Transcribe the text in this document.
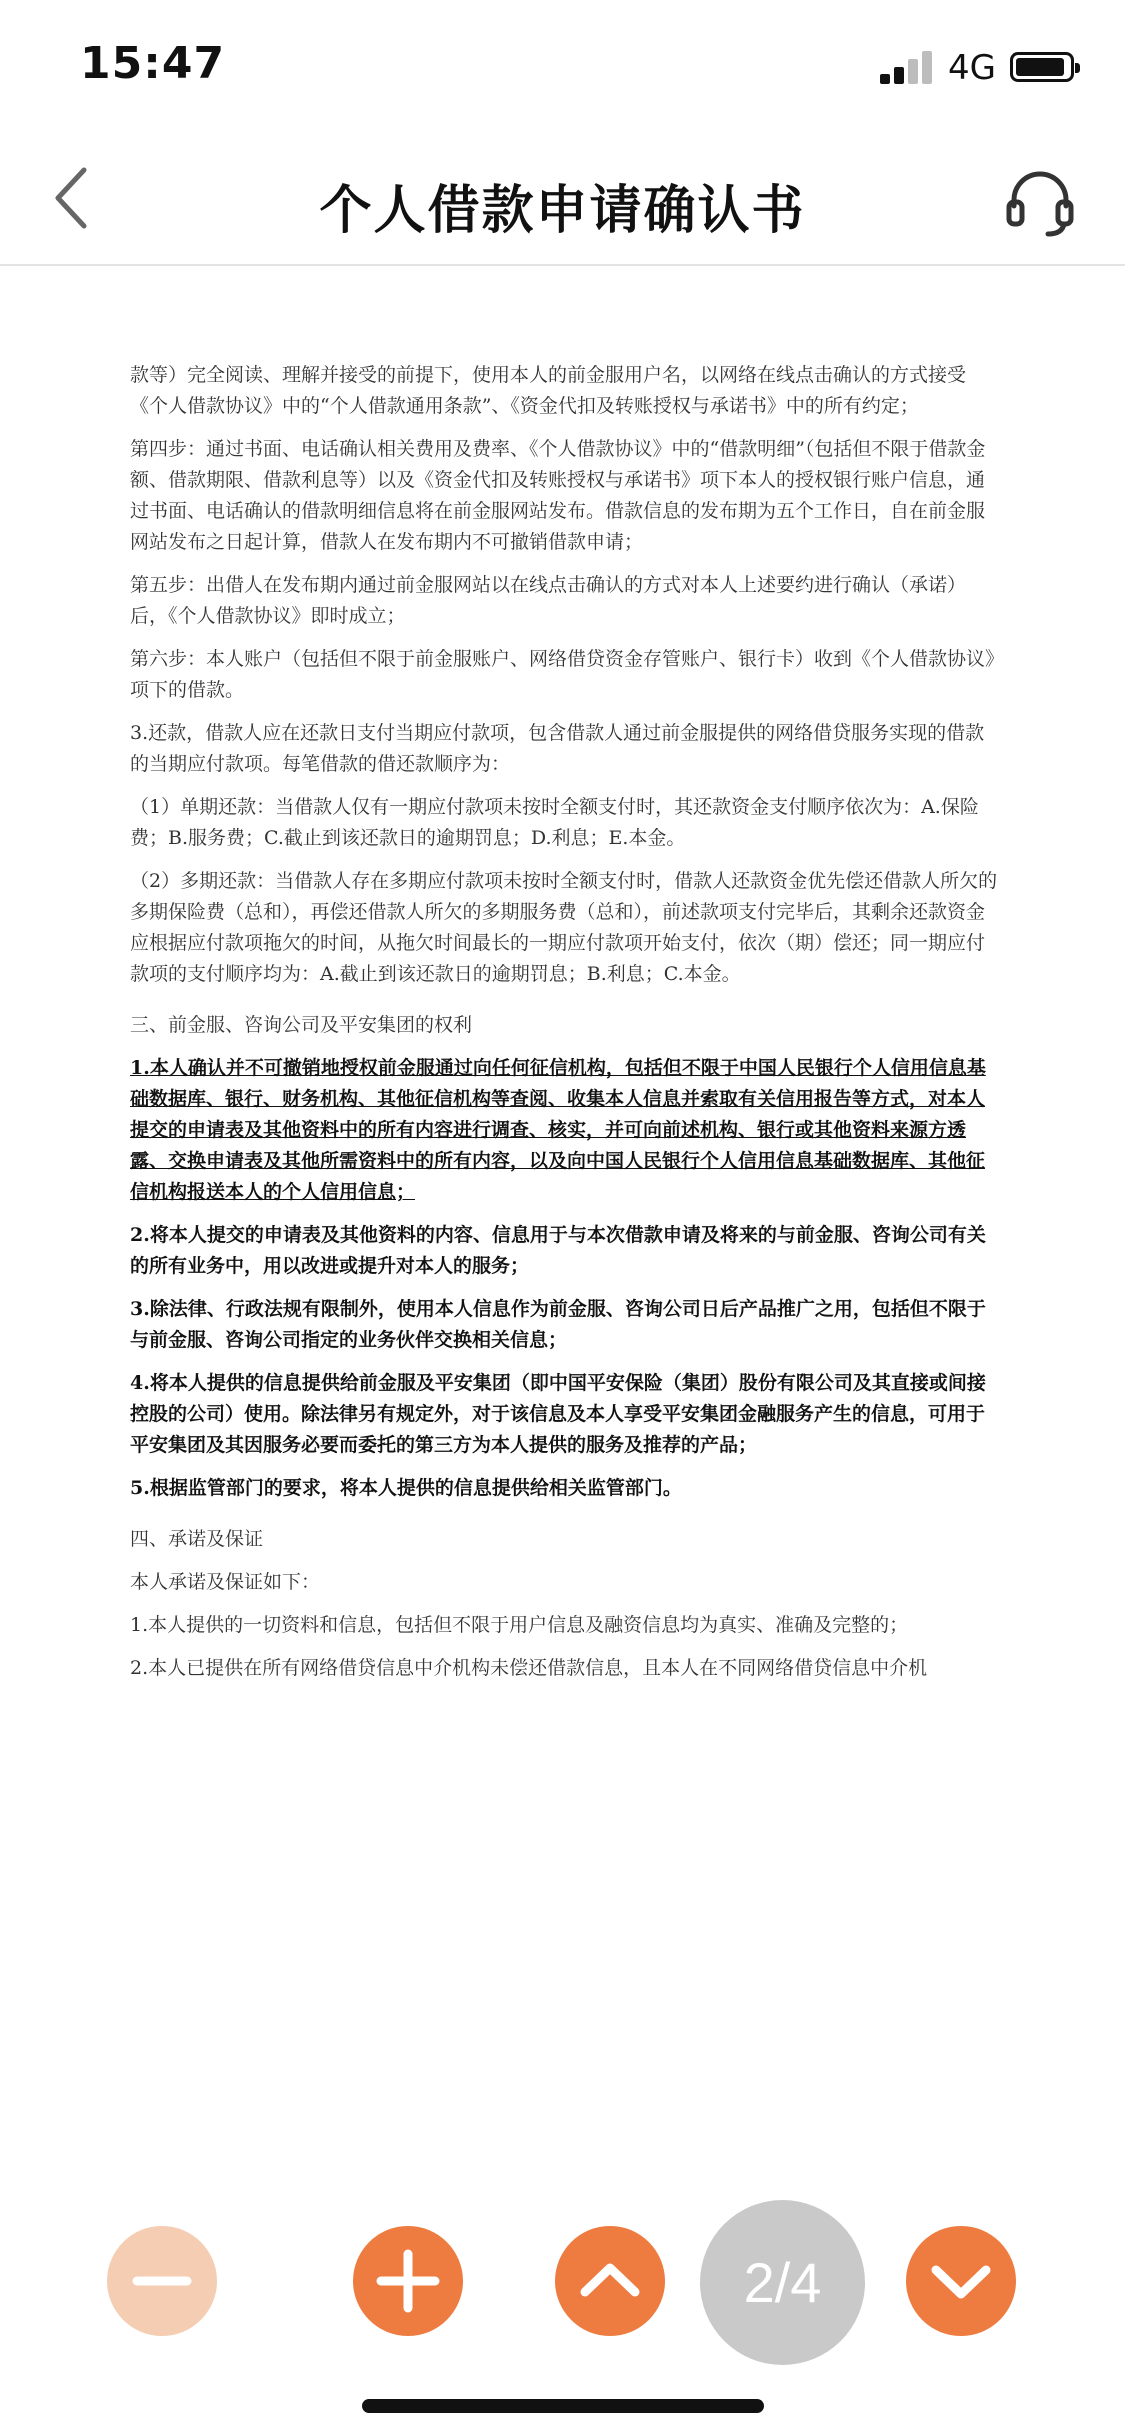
15:47	4G
个人借款申请确认书

款等）完全阅读、理解并接受的前提下，使用本人的前金服用户名，以网络在线点击确认的方式接受《个人借款协议》中的“个人借款通用条款”、《资金代扣及转账授权与承诺书》中的所有约定；

第四步：通过书面、电话确认相关费用及费率、《个人借款协议》中的“借款明细”（包括但不限于借款金额、借款期限、借款利息等）以及《资金代扣及转账授权与承诺书》项下本人的授权银行账户信息，通过书面、电话确认的借款明细信息将在前金服网站发布。借款信息的发布期为五个工作日，自在前金服网站发布之日起计算，借款人在发布期内不可撤销借款申请；

第五步：出借人在发布期内通过前金服网站以在线点击确认的方式对本人上述要约进行确认（承诺）后，《个人借款协议》即时成立；

第六步：本人账户（包括但不限于前金服账户、网络借贷资金存管账户、银行卡）收到《个人借款协议》项下的借款。

3.还款，借款人应在还款日支付当期应付款项，包含借款人通过前金服提供的网络借贷服务实现的借款的当期应付款项。每笔借款的借还款顺序为：

（1）单期还款：当借款人仅有一期应付款项未按时全额支付时，其还款资金支付顺序依次为：A.保险费；B.服务费；C.截止到该还款日的逾期罚息；D.利息；E.本金。

（2）多期还款：当借款人存在多期应付款项未按时全额支付时，借款人还款资金优先偿还借款人所欠的多期保险费（总和），再偿还借款人所欠的多期服务费（总和），前述款项支付完毕后，其剩余还款资金应根据应付款项拖欠的时间，从拖欠时间最长的一期应付款项开始支付，依次（期）偿还；同一期应付款项的支付顺序均为：A.截止到该还款日的逾期罚息；B.利息；C.本金。

三、前金服、咨询公司及平安集团的权利

1.本人确认并不可撤销地授权前金服通过向任何征信机构，包括但不限于中国人民银行个人信用信息基础数据库、银行、财务机构、其他征信机构等查阅、收集本人信息并索取有关信用报告等方式，对本人提交的申请表及其他资料中的所有内容进行调查、核实，并可向前述机构、银行或其他资料来源方透露、交换申请表及其他所需资料中的所有内容，以及向中国人民银行个人信用信息基础数据库、其他征信机构报送本人的个人信用信息；

2.将本人提交的申请表及其他资料的内容、信息用于与本次借款申请及将来的与前金服、咨询公司有关的所有业务中，用以改进或提升对本人的服务；

3.除法律、行政法规有限制外，使用本人信息作为前金服、咨询公司日后产品推广之用，包括但不限于与前金服、咨询公司指定的业务伙伴交换相关信息；

4.将本人提供的信息提供给前金服及平安集团（即中国平安保险（集团）股份有限公司及其直接或间接控股的公司）使用。除法律另有规定外，对于该信息及本人享受平安集团金融服务产生的信息，可用于平安集团及其因服务必要而委托的第三方为本人提供的服务及推荐的产品；

5.根据监管部门的要求，将本人提供的信息提供给相关监管部门。

四、承诺及保证

本人承诺及保证如下：

1.本人提供的一切资料和信息，包括但不限于用户信息及融资信息均为真实、准确及完整的；

2.本人已提供在所有网络借贷信息中介机构未偿还借款信息，且本人在不同网络借贷信息中介机

2/4
